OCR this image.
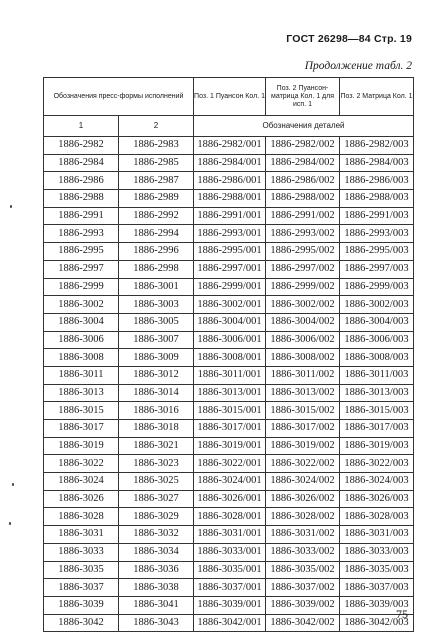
ГОСТ 26298—84 Стр. 19
Продолжение табл. 2
Обозначения пресс-формы исполнений		Поз. 1 Пуансон Кол. 1	Поз. 2 Пуансон-матрица Кол. 1 для исп. 1	Поз. 2 Матрица Кол. 1
1	2	Обозначения деталей		
1886-2982	1886-2983	1886-2982/001	1886-2982/002	1886-2982/003
1886-2984	1886-2985	1886-2984/001	1886-2984/002	1886-2984/003
1886-2986	1886-2987	1886-2986/001	1886-2986/002	1886-2986/003
1886-2988	1886-2989	1886-2988/001	1886-2988/002	1886-2988/003
1886-2991	1886-2992	1886-2991/001	1886-2991/002	1886-2991/003
1886-2993	1886-2994	1886-2993/001	1886-2993/002	1886-2993/003
1886-2995	1886-2996	1886-2995/001	1886-2995/002	1886-2995/003
1886-2997	1886-2998	1886-2997/001	1886-2997/002	1886-2997/003
1886-2999	1886-3001	1886-2999/001	1886-2999/002	1886-2999/003
1886-3002	1886-3003	1886-3002/001	1886-3002/002	1886-3002/003
1886-3004	1886-3005	1886-3004/001	1886-3004/002	1886-3004/003
1886-3006	1886-3007	1886-3006/001	1886-3006/002	1886-3006/003
1886-3008	1886-3009	1886-3008/001	1886-3008/002	1886-3008/003
1886-3011	1886-3012	1886-3011/001	1886-3011/002	1886-3011/003
1886-3013	1886-3014	1886-3013/001	1886-3013/002	1886-3013/003
1886-3015	1886-3016	1886-3015/001	1886-3015/002	1886-3015/003
1886-3017	1886-3018	1886-3017/001	1886-3017/002	1886-3017/003
1886-3019	1886-3021	1886-3019/001	1886-3019/002	1886-3019/003
1886-3022	1886-3023	1886-3022/001	1886-3022/002	1886-3022/003
1886-3024	1886-3025	1886-3024/001	1886-3024/002	1886-3024/003
1886-3026	1886-3027	1886-3026/001	1886-3026/002	1886-3026/003
1886-3028	1886-3029	1886-3028/001	1886-3028/002	1886-3028/003
1886-3031	1886-3032	1886-3031/001	1886-3031/002	1886-3031/003
1886-3033	1886-3034	1886-3033/001	1886-3033/002	1886-3033/003
1886-3035	1886-3036	1886-3035/001	1886-3035/002	1886-3035/003
1886-3037	1886-3038	1886-3037/001	1886-3037/002	1886-3037/003
1886-3039	1886-3041	1886-3039/001	1886-3039/002	1886-3039/003
1886-3042	1886-3043	1886-3042/001	1886-3042/002	1886-3042/003
75
